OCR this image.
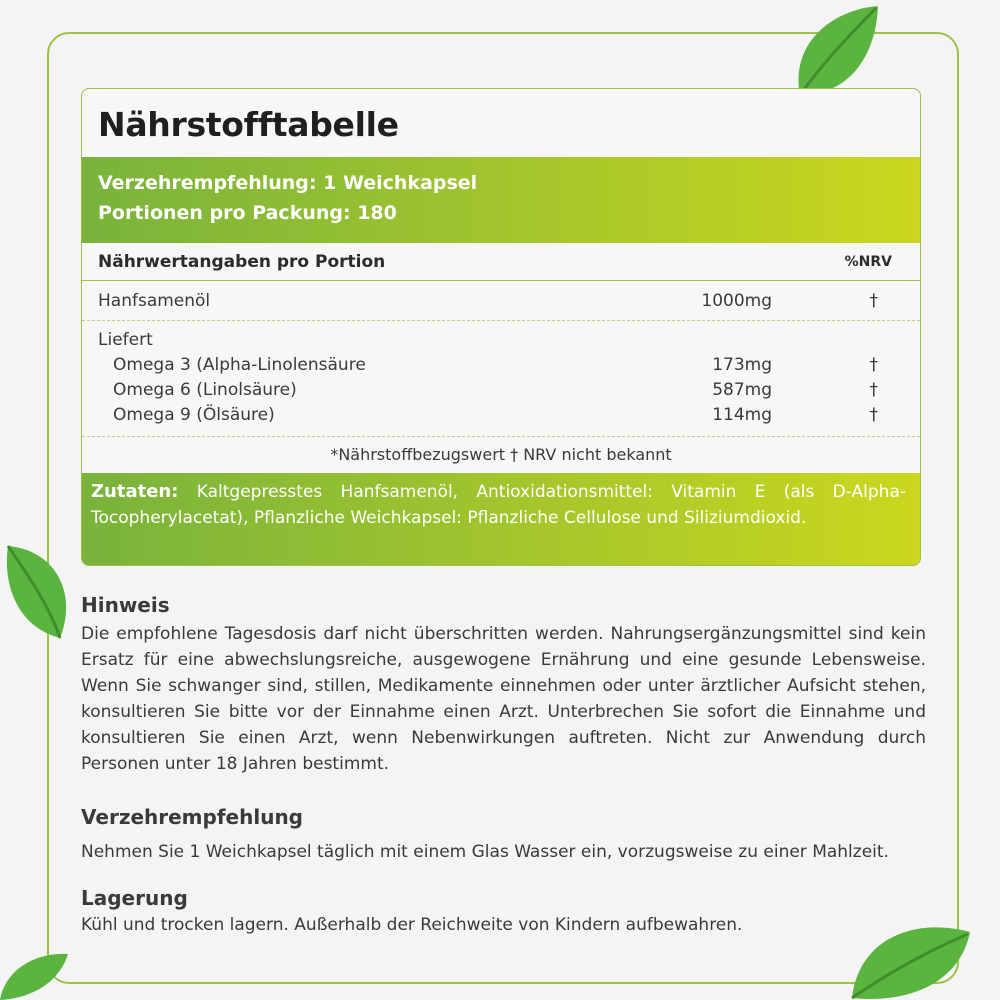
Nährstofftabelle
Verzehrempfehlung: 1 Weichkapsel
Portionen pro Packung: 180
Nährwertangaben pro Portion	%NRV
Hanfsamenöl	1000mg	†
Liefert
Omega 3 (Alpha-Linolensäure	173mg	†
Omega 6 (Linolsäure)	587mg	†
Omega 9 (Ölsäure)	114mg	†
*Nährstoffbezugswert † NRV nicht bekannt
Zutaten: Kaltgepresstes Hanfsamenöl, Antioxidationsmittel: Vitamin E (als D-Alpha-Tocopherylacetat), Pflanzliche Weichkapsel: Pflanzliche Cellulose und Siliziumdioxid.
Hinweis
Die empfohlene Tagesdosis darf nicht überschritten werden. Nahrungsergänzungsmittel sind kein Ersatz für eine abwechslungsreiche, ausgewogene Ernährung und eine gesunde Lebensweise. Wenn Sie schwanger sind, stillen, Medikamente einnehmen oder unter ärztlicher Aufsicht stehen, konsultieren Sie bitte vor der Einnahme einen Arzt. Unterbrechen Sie sofort die Einnahme und konsultieren Sie einen Arzt, wenn Nebenwirkungen auftreten. Nicht zur Anwendung durch Personen unter 18 Jahren bestimmt.
Verzehrempfehlung
Nehmen Sie 1 Weichkapsel täglich mit einem Glas Wasser ein, vorzugsweise zu einer Mahlzeit.
Lagerung
Kühl und trocken lagern. Außerhalb der Reichweite von Kindern aufbewahren.
